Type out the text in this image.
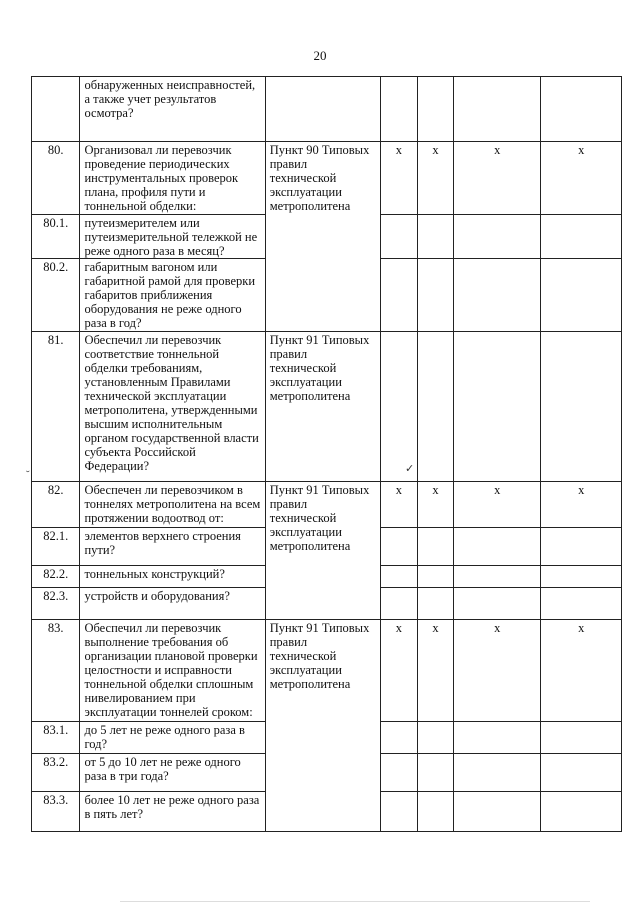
20
	обнаруженных неисправностей, а также учет результатов осмотра?					
80.	Организовал ли перевозчик проведение периодических инструментальных проверок плана, профиля пути и тоннельной обделки:	Пункт 90 Типовых правил технической эксплуатации метрополитена	x	x	x	x
80.1.	путеизмерителем или путеизмерительной тележкой не реже одного раза в месяц?					
80.2.	габаритным вагоном или габаритной рамой для проверки габаритов приближения оборудования не реже одного раза в год?					
81.	Обеспечил ли перевозчик соответствие тоннельной обделки требованиям, установленным Правилами технической эксплуатации метрополитена, утвержденными высшим исполнительным органом государственной власти субъекта Российской Федерации?	Пункт 91 Типовых правил технической эксплуатации метрополитена				
82.	Обеспечен ли перевозчиком в тоннелях метрополитена на всем протяжении водоотвод от:	Пункт 91 Типовых правил технической эксплуатации метрополитена	x	x	x	x
82.1.	элементов верхнего строения пути?					
82.2.	тоннельных конструкций?					
82.3.	устройств и оборудования?					
83.	Обеспечил ли перевозчик выполнение требования об организации плановой проверки целостности и исправности тоннельной обделки сплошным нивелированием при эксплуатации тоннелей сроком:	Пункт 91 Типовых правил технической эксплуатации метрополитена	x	x	x	x
83.1.	до 5 лет не реже одного раза в год?					
83.2.	от 5 до 10 лет не реже одного раза в три года?					
83.3.	более 10 лет не реже одного раза в пять лет?					
✓
˘
